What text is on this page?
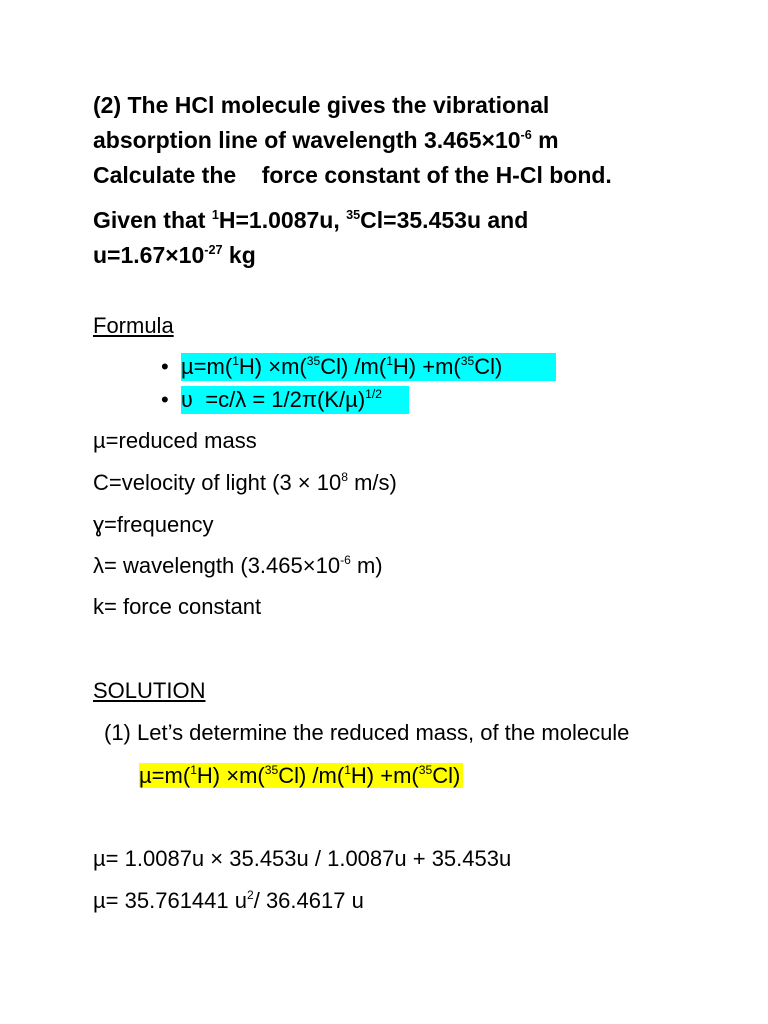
(2) The HCl molecule gives the vibrational
absorption line of wavelength $3.465\times 10^{-6}$ m
Calculate the    force constant of the H-Cl bond.
Given that $^1$H=1.0087u, $^{35}$Cl=35.453u and
$u=1.67\times 10^{-27}$ kg
Formula
• µ=m($^1$H) ×m($^{35}$Cl) /m($^1$H) +m($^{35}$Cl)
• ʋ  $=c/\lambda = 1/2\pi(K/\mu)^{1/2}$
µ=reduced mass
C=velocity of light ($3 \times 10^8$ m/s)
ɣ=frequency
λ= wavelength ($3.465\times 10^{-6}$ m)
k= force constant
SOLUTION
(1) Let’s determine the reduced mass, of the molecule
µ=m($^1$H) ×m($^{35}$Cl) /m($^1$H) +m($^{35}$Cl)
µ= 1.0087u × 35.453u / 1.0087u + 35.453u
µ= 35.761441 $u^2/$ 36.4617 u
